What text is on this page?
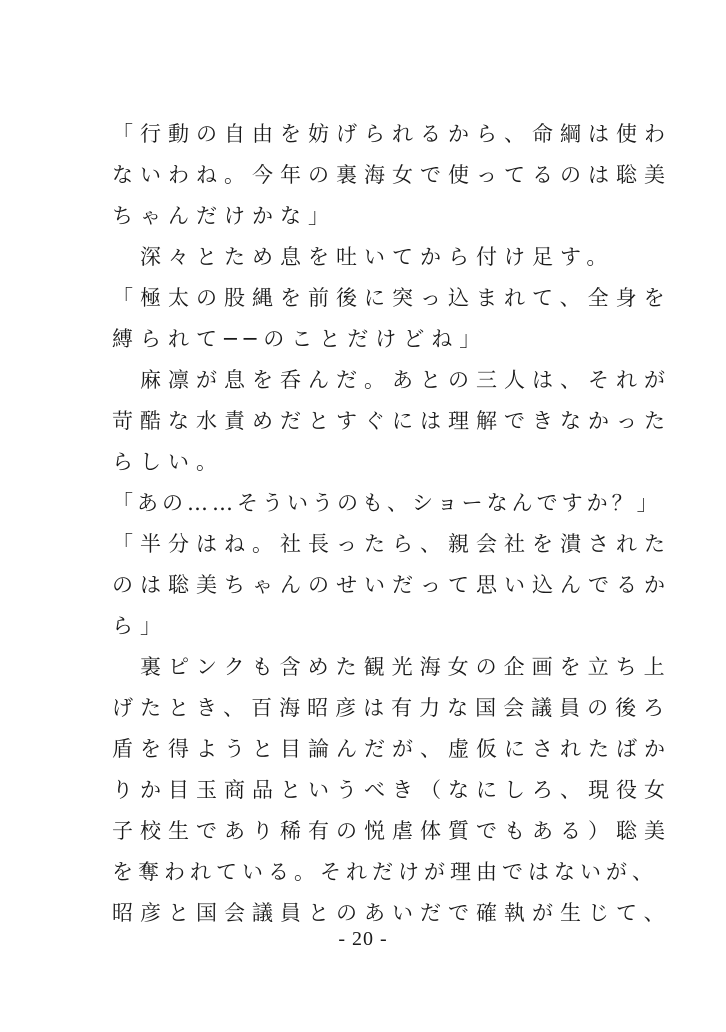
「行動の自由を妨げられるから、命綱は使わ
ないわね。今年の裏海女で使ってるのは聡美
ちゃんだけかな」
　深々とため息を吐いてから付け足す。
「極太の股縄を前後に突っ込まれて、全身を
縛られて──のことだけどね」
　麻凛が息を呑んだ。あとの三人は、それが
苛酷な水責めだとすぐには理解できなかった
らしい。
「あの……そういうのも、ショーなんですか？」
「半分はね。社長ったら、親会社を潰された
のは聡美ちゃんのせいだって思い込んでるか
ら」
　裏ピンクも含めた観光海女の企画を立ち上
げたとき、百海昭彦は有力な国会議員の後ろ
盾を得ようと目論んだが、虚仮にされたばか
りか目玉商品というべき（なにしろ、現役女
子校生であり稀有の悦虐体質でもある）聡美
を奪われている。それだけが理由ではないが、
昭彦と国会議員とのあいだで確執が生じて、
- 20 -
